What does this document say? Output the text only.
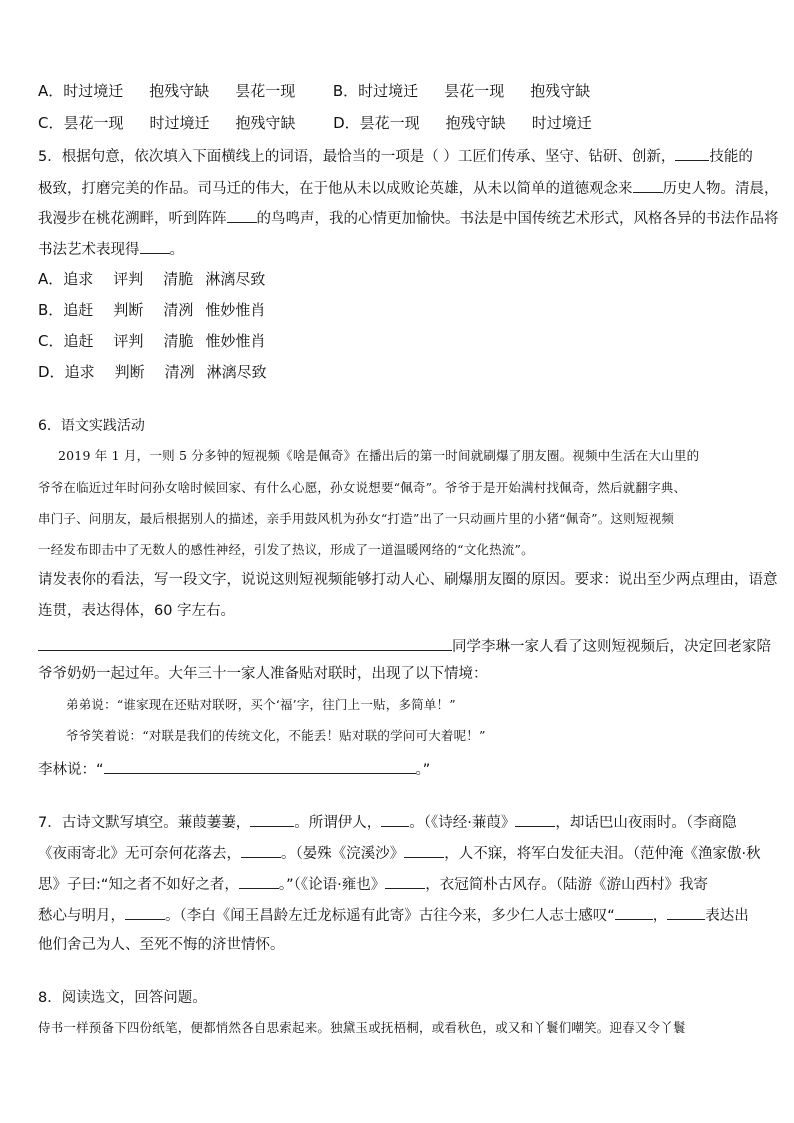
A．时过境迁 抱残守缺 昙花一现	B．时过境迁 昙花一现 抱残守缺
C．昙花一现 时过境迁 抱残守缺	D．昙花一现 抱残守缺 时过境迁
5．根据句意，依次填入下面横线上的词语，最恰当的一项是（ ）工匠们传承、坚守、钻研、创新， 技能的
极致，打磨完美的作品。司马迁的伟大，在于他从未以成败论英雄，从未以简单的道德观念来 历史人物。清晨，
我漫步在桃花溯畔，听到阵阵 的鸟鸣声，我的心情更加愉快。书法是中国传统艺术形式，风格各异的书法作品将
书法艺术表现得 。
A．追求 评判 清脆 淋漓尽致
B．追赶 判断 清冽 惟妙惟肖
C．追赶 评判 清脆 惟妙惟肖
D．追求 判断 清冽 淋漓尽致
6．语文实践活动
2019 年 1 月，一则 5 分多钟的短视频《啥是佩奇》在播出后的第一时间就刷爆了朋友圈。视频中生活在大山里的
爷爷在临近过年时问孙女啥时候回家、有什么心愿，孙女说想要“佩奇”。爷爷于是开始满村找佩奇，然后就翻字典、
串门子、问朋友，最后根据别人的描述，亲手用鼓风机为孙女“打造”出了一只动画片里的小猪“佩奇”。这则短视频
一经发布即击中了无数人的感性神经，引发了热议，形成了一道温暖网络的“文化热流”。
请发表你的看法，写一段文字，说说这则短视频能够打动人心、刷爆朋友圈的原因。要求：说出至少两点理由，语意
连贯，表达得体，60 字左右。
同学李琳一家人看了这则短视频后，决定回老家陪
爷爷奶奶一起过年。大年三十一家人准备贴对联时，出现了以下情境：
弟弟说：“谁家现在还贴对联呀，买个‘福’字，往门上一贴，多简单！”
爷爷笑着说：“对联是我们的传统文化，不能丢！贴对联的学问可大着呢！”
李林说：“	。”
7．古诗文默写填空。蒹葭萋萋，	。所谓伊人， 。（《诗经·蒹葭》	，却话巴山夜雨时。（李商隐
《夜雨寄北》无可奈何花落去，	。（晏殊《浣溪沙》	，人不寐，将军白发征夫泪。（范仲淹《渔家傲·秋
思》子曰:“知之者不如好之者，	。”（《论语·雍也》	，衣冠简朴古风存。（陆游《游山西村》我寄
愁心与明月，	。（李白《闻王昌龄左迁龙标遥有此寄》古往今来，多少仁人志士感叹“	，	表达出
他们舍己为人、至死不悔的济世情怀。
8．阅读选文，回答问题。
侍书一样预备下四份纸笔，便都悄然各自思索起来。独黛玉或抚梧桐，或看秋色，或又和丫鬟们嘲笑。迎春又令丫鬟
